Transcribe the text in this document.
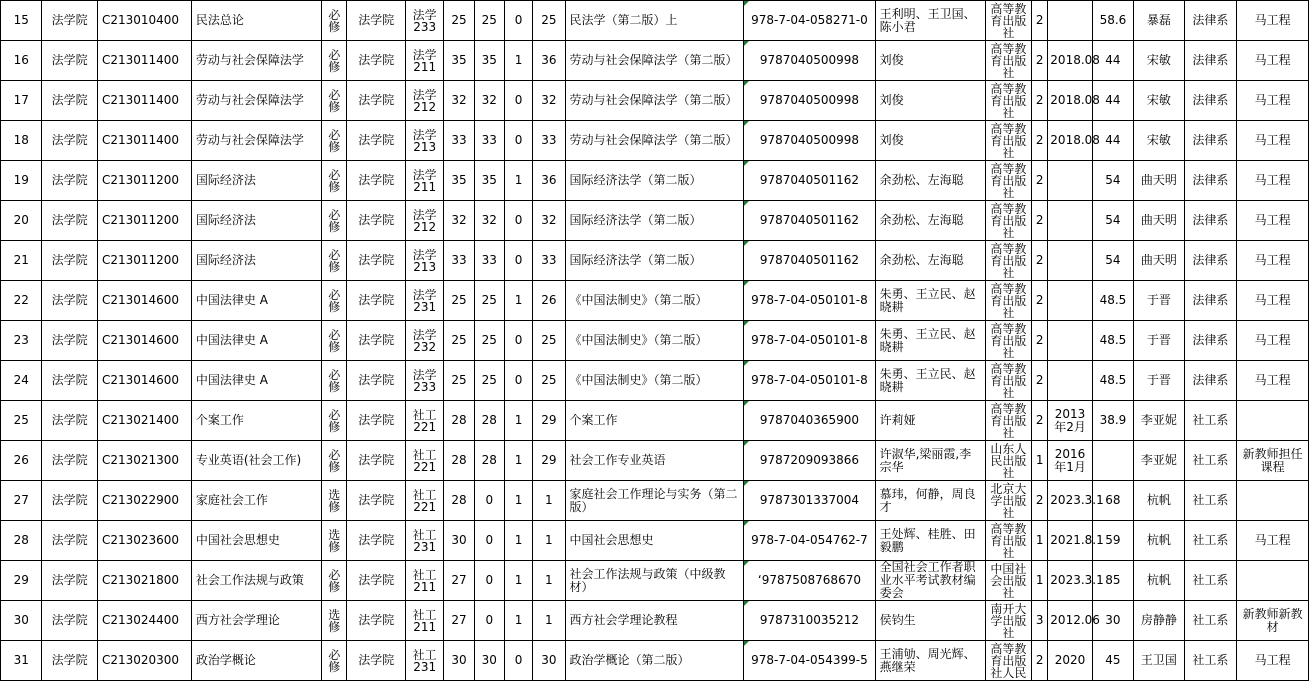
15	法学院	C213010400	民法总论	必修	法学院	法学233	25	25	0	25	民法学（第二版）上	978-7-04-058271-0	王利明、王卫国、陈小君	高等教育出版社	2		58.6	暴磊	法律系	马工程
16	法学院	C213011400	劳动与社会保障法学	必修	法学院	法学211	35	35	1	36	劳动与社会保障法学（第二版）	9787040500998	刘俊	高等教育出版社	2	2018.08	44	宋敏	法律系	马工程
17	法学院	C213011400	劳动与社会保障法学	必修	法学院	法学212	32	32	0	32	劳动与社会保障法学（第二版）	9787040500998	刘俊	高等教育出版社	2	2018.08	44	宋敏	法律系	马工程
18	法学院	C213011400	劳动与社会保障法学	必修	法学院	法学213	33	33	0	33	劳动与社会保障法学（第二版）	9787040500998	刘俊	高等教育出版社	2	2018.08	44	宋敏	法律系	马工程
19	法学院	C213011200	国际经济法	必修	法学院	法学211	35	35	1	36	国际经济法学（第二版）	9787040501162	余劲松、左海聪	高等教育出版社	2		54	曲天明	法律系	马工程
20	法学院	C213011200	国际经济法	必修	法学院	法学212	32	32	0	32	国际经济法学（第二版）	9787040501162	余劲松、左海聪	高等教育出版社	2		54	曲天明	法律系	马工程
21	法学院	C213011200	国际经济法	必修	法学院	法学213	33	33	0	33	国际经济法学（第二版）	9787040501162	余劲松、左海聪	高等教育出版社	2		54	曲天明	法律系	马工程
22	法学院	C213014600	中国法律史 A	必修	法学院	法学231	25	25	1	26	《中国法制史》（第二版）	978-7-04-050101-8	朱勇、王立民、赵晓耕	高等教育出版社	2		48.5	于晋	法律系	马工程
23	法学院	C213014600	中国法律史 A	必修	法学院	法学232	25	25	0	25	《中国法制史》（第二版）	978-7-04-050101-8	朱勇、王立民、赵晓耕	高等教育出版社	2		48.5	于晋	法律系	马工程
24	法学院	C213014600	中国法律史 A	必修	法学院	法学233	25	25	0	25	《中国法制史》（第二版）	978-7-04-050101-8	朱勇、王立民、赵晓耕	高等教育出版社	2		48.5	于晋	法律系	马工程
25	法学院	C213021400	个案工作	必修	法学院	社工221	28	28	1	29	个案工作	9787040365900	许莉娅	高等教育出版社	2	2013年2月	38.9	李亚妮	社工系	
26	法学院	C213021300	专业英语(社会工作)	必修	法学院	社工221	28	28	1	29	社会工作专业英语	9787209093866	许淑华,梁丽霞,李宗华	山东人民出版社	1	2016年1月		李亚妮	社工系	新教师担任课程
27	法学院	C213022900	家庭社会工作	选修	法学院	社工221	28	0	1	1	家庭社会工作理论与实务（第二版）	9787301337004	慕玮，何静，周良才	北京大学出版社	2	2023.3.1	68	杭帆	社工系	
28	法学院	C213023600	中国社会思想史	选修	法学院	社工231	30	0	1	1	中国社会思想史	978-7-04-054762-7	王处辉、桂胜、田毅鹏	高等教育出版社	1	2021.8.1	59	杭帆	社工系	马工程
29	法学院	C213021800	社会工作法规与政策	必修	法学院	社工211	27	0	1	1	社会工作法规与政策（中级教材）	‘9787508768670	全国社会工作者职业水平考试教材编委会	中国社会出版社	1	2023.3.1	85	杭帆	社工系	
30	法学院	C213024400	西方社会学理论	选修	法学院	社工211	27	0	1	1	西方社会学理论教程	9787310035212	侯钧生	南开大学出版社	3	2012.06	30	房静静	社工系	新教师新教材
31	法学院	C213020300	政治学概论	必修	法学院	社工231	30	30	0	30	政治学概论（第二版）	978-7-04-054399-5	王浦劬、周光辉、燕继荣	高等教育出版社人民	2	2020	45	王卫国	社工系	马工程
